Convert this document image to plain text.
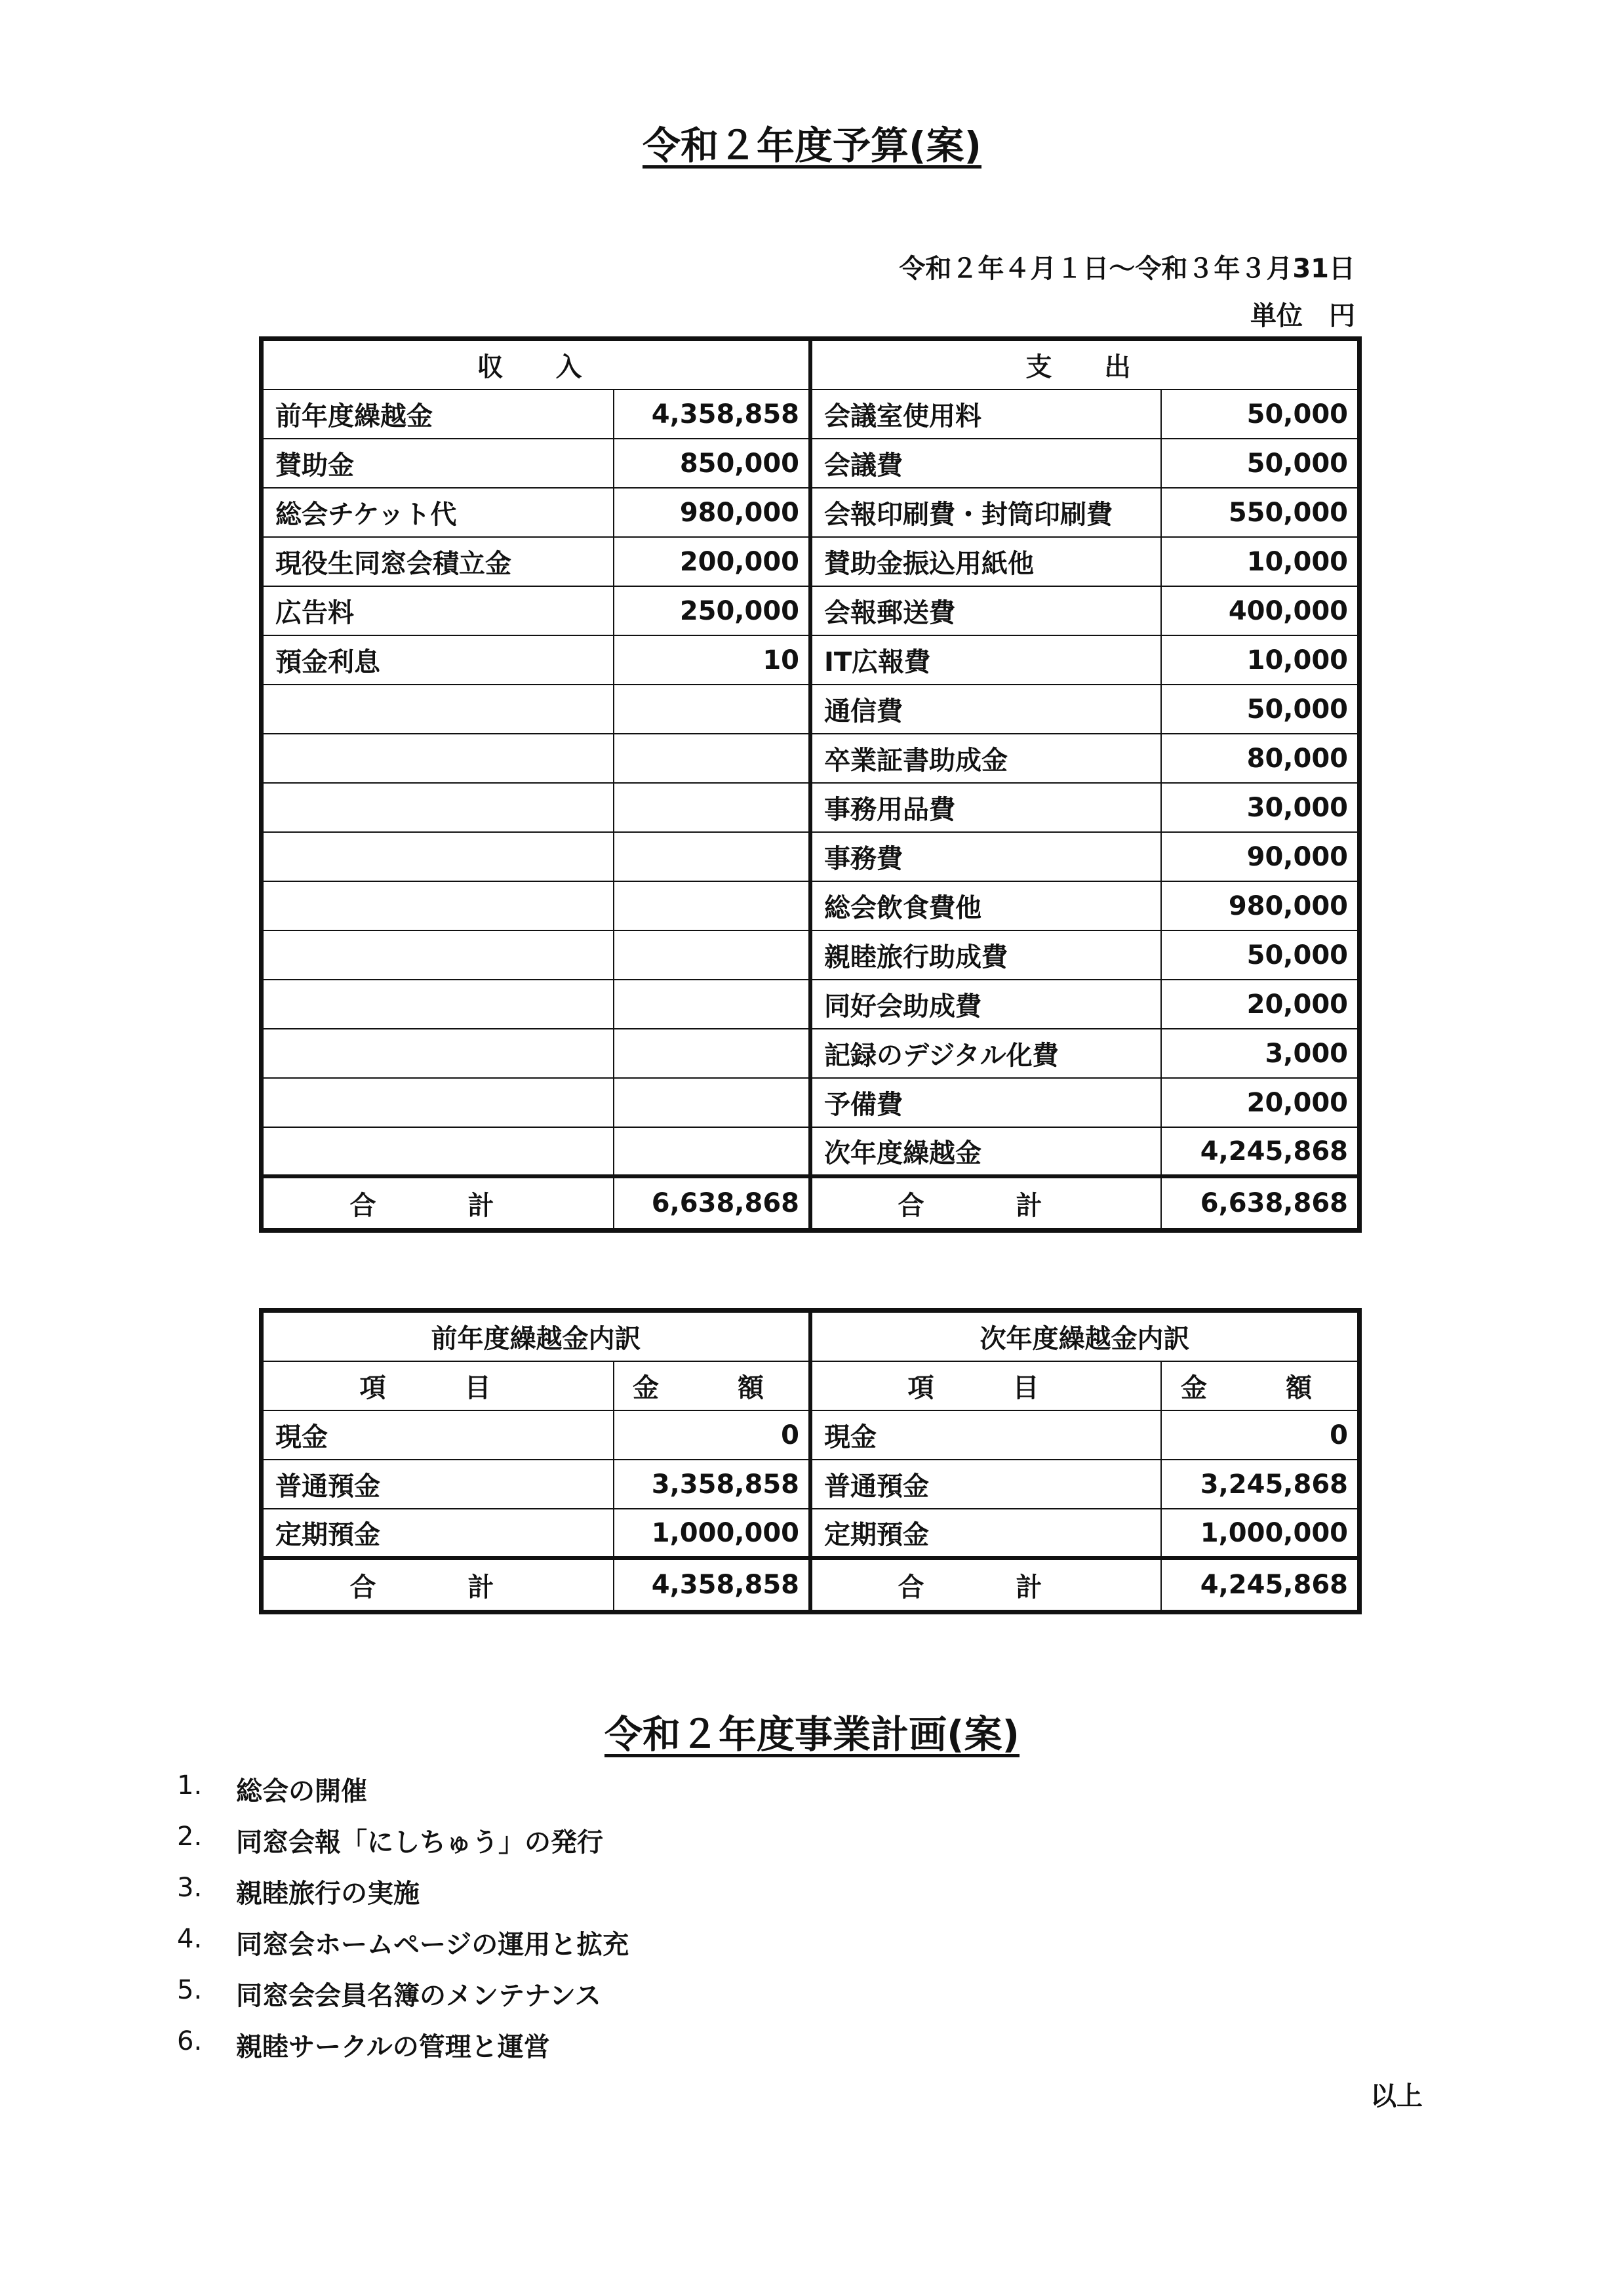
令和２年度予算(案)
令和２年４月１日～令和３年３月31日
単位　円
収　入		支　出	
前年度繰越金	4,358,858	会議室使用料	50,000
賛助金	850,000	会議費	50,000
総会チケット代	980,000	会報印刷費・封筒印刷費	550,000
現役生同窓会積立金	200,000	賛助金振込用紙他	10,000
広告料	250,000	会報郵送費	400,000
預金利息	10	IT広報費	10,000
		通信費	50,000
		卒業証書助成金	80,000
		事務用品費	30,000
		事務費	90,000
		総会飲食費他	980,000
		親睦旅行助成費	50,000
		同好会助成費	20,000
		記録のデジタル化費	3,000
		予備費	20,000
		次年度繰越金	4,245,868
合　計	6,638,868	合　計	6,638,868
前年度繰越金内訳		次年度繰越金内訳	
項　目	金　額	項　目	金　額
現金	0	現金	0
普通預金	3,358,858	普通預金	3,245,868
定期預金	1,000,000	定期預金	1,000,000
合　計	4,358,858	合　計	4,245,868
令和２年度事業計画(案)
1.	総会の開催
2.	同窓会報「にしちゅう」の発行
3.	親睦旅行の実施
4.	同窓会ホームページの運用と拡充
5.	同窓会会員名簿のメンテナンス
6.	親睦サークルの管理と運営
以上
